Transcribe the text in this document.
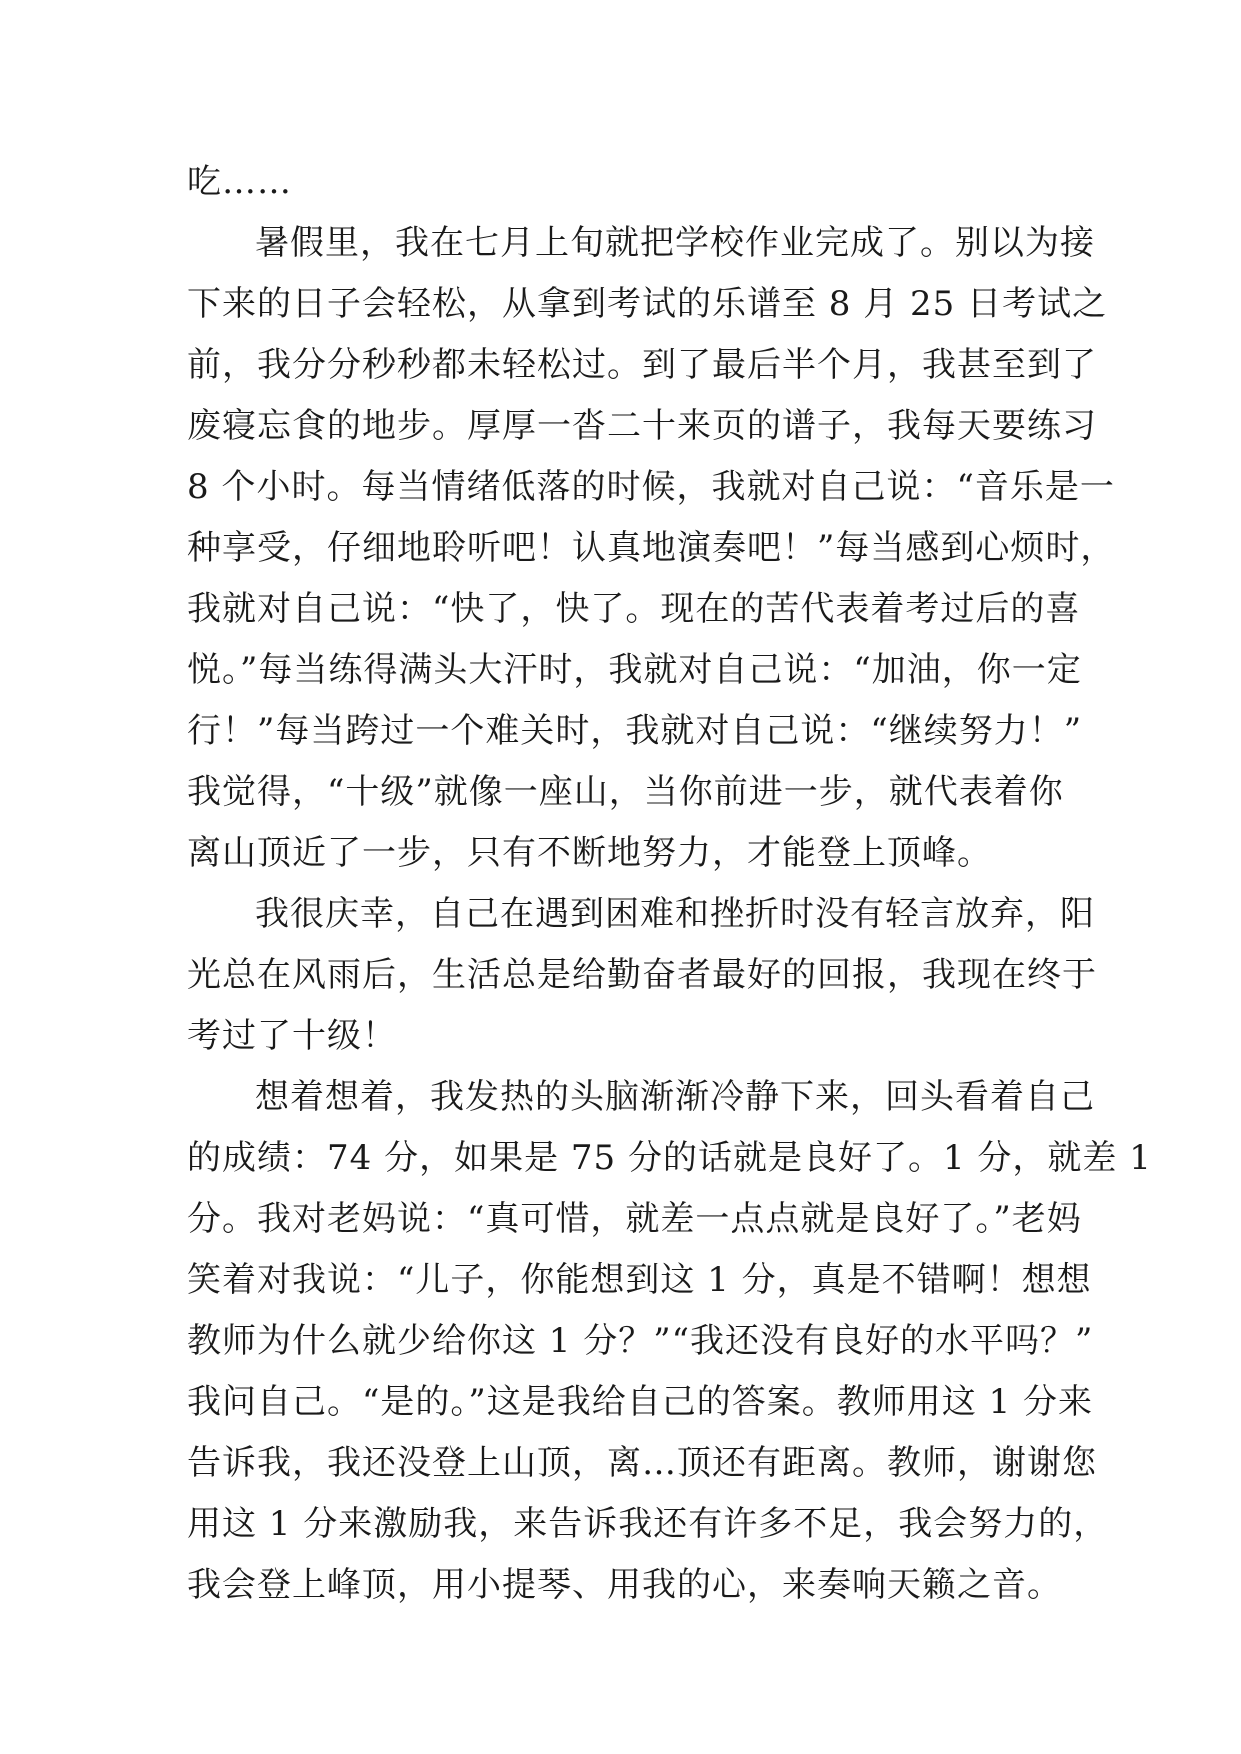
吃……
暑假里，我在七月上旬就把学校作业完成了。别以为接
下来的日子会轻松，从拿到考试的乐谱至 8 月 25 日考试之
前，我分分秒秒都未轻松过。到了最后半个月，我甚至到了
废寝忘食的地步。厚厚一沓二十来页的谱子，我每天要练习
8 个小时。每当情绪低落的时候，我就对自己说：“音乐是一
种享受，仔细地聆听吧！认真地演奏吧！”每当感到心烦时，
我就对自己说：“快了，快了。现在的苦代表着考过后的喜
悦。”每当练得满头大汗时，我就对自己说：“加油，你一定
行！”每当跨过一个难关时，我就对自己说：“继续努力！”
我觉得，“十级”就像一座山，当你前进一步，就代表着你
离山顶近了一步，只有不断地努力，才能登上顶峰。
我很庆幸，自己在遇到困难和挫折时没有轻言放弃，阳
光总在风雨后，生活总是给勤奋者最好的回报，我现在终于
考过了十级！
想着想着，我发热的头脑渐渐冷静下来，回头看着自己
的成绩：74 分，如果是 75 分的话就是良好了。1 分，就差 1
分。我对老妈说：“真可惜，就差一点点就是良好了。”老妈
笑着对我说：“儿子，你能想到这 1 分，真是不错啊！想想
教师为什么就少给你这 1 分？”“我还没有良好的水平吗？”
我问自己。“是的。”这是我给自己的答案。教师用这 1 分来
告诉我，我还没登上山顶，离…顶还有距离。教师，谢谢您
用这 1 分来激励我，来告诉我还有许多不足，我会努力的，
我会登上峰顶，用小提琴、用我的心，来奏响天籁之音。
